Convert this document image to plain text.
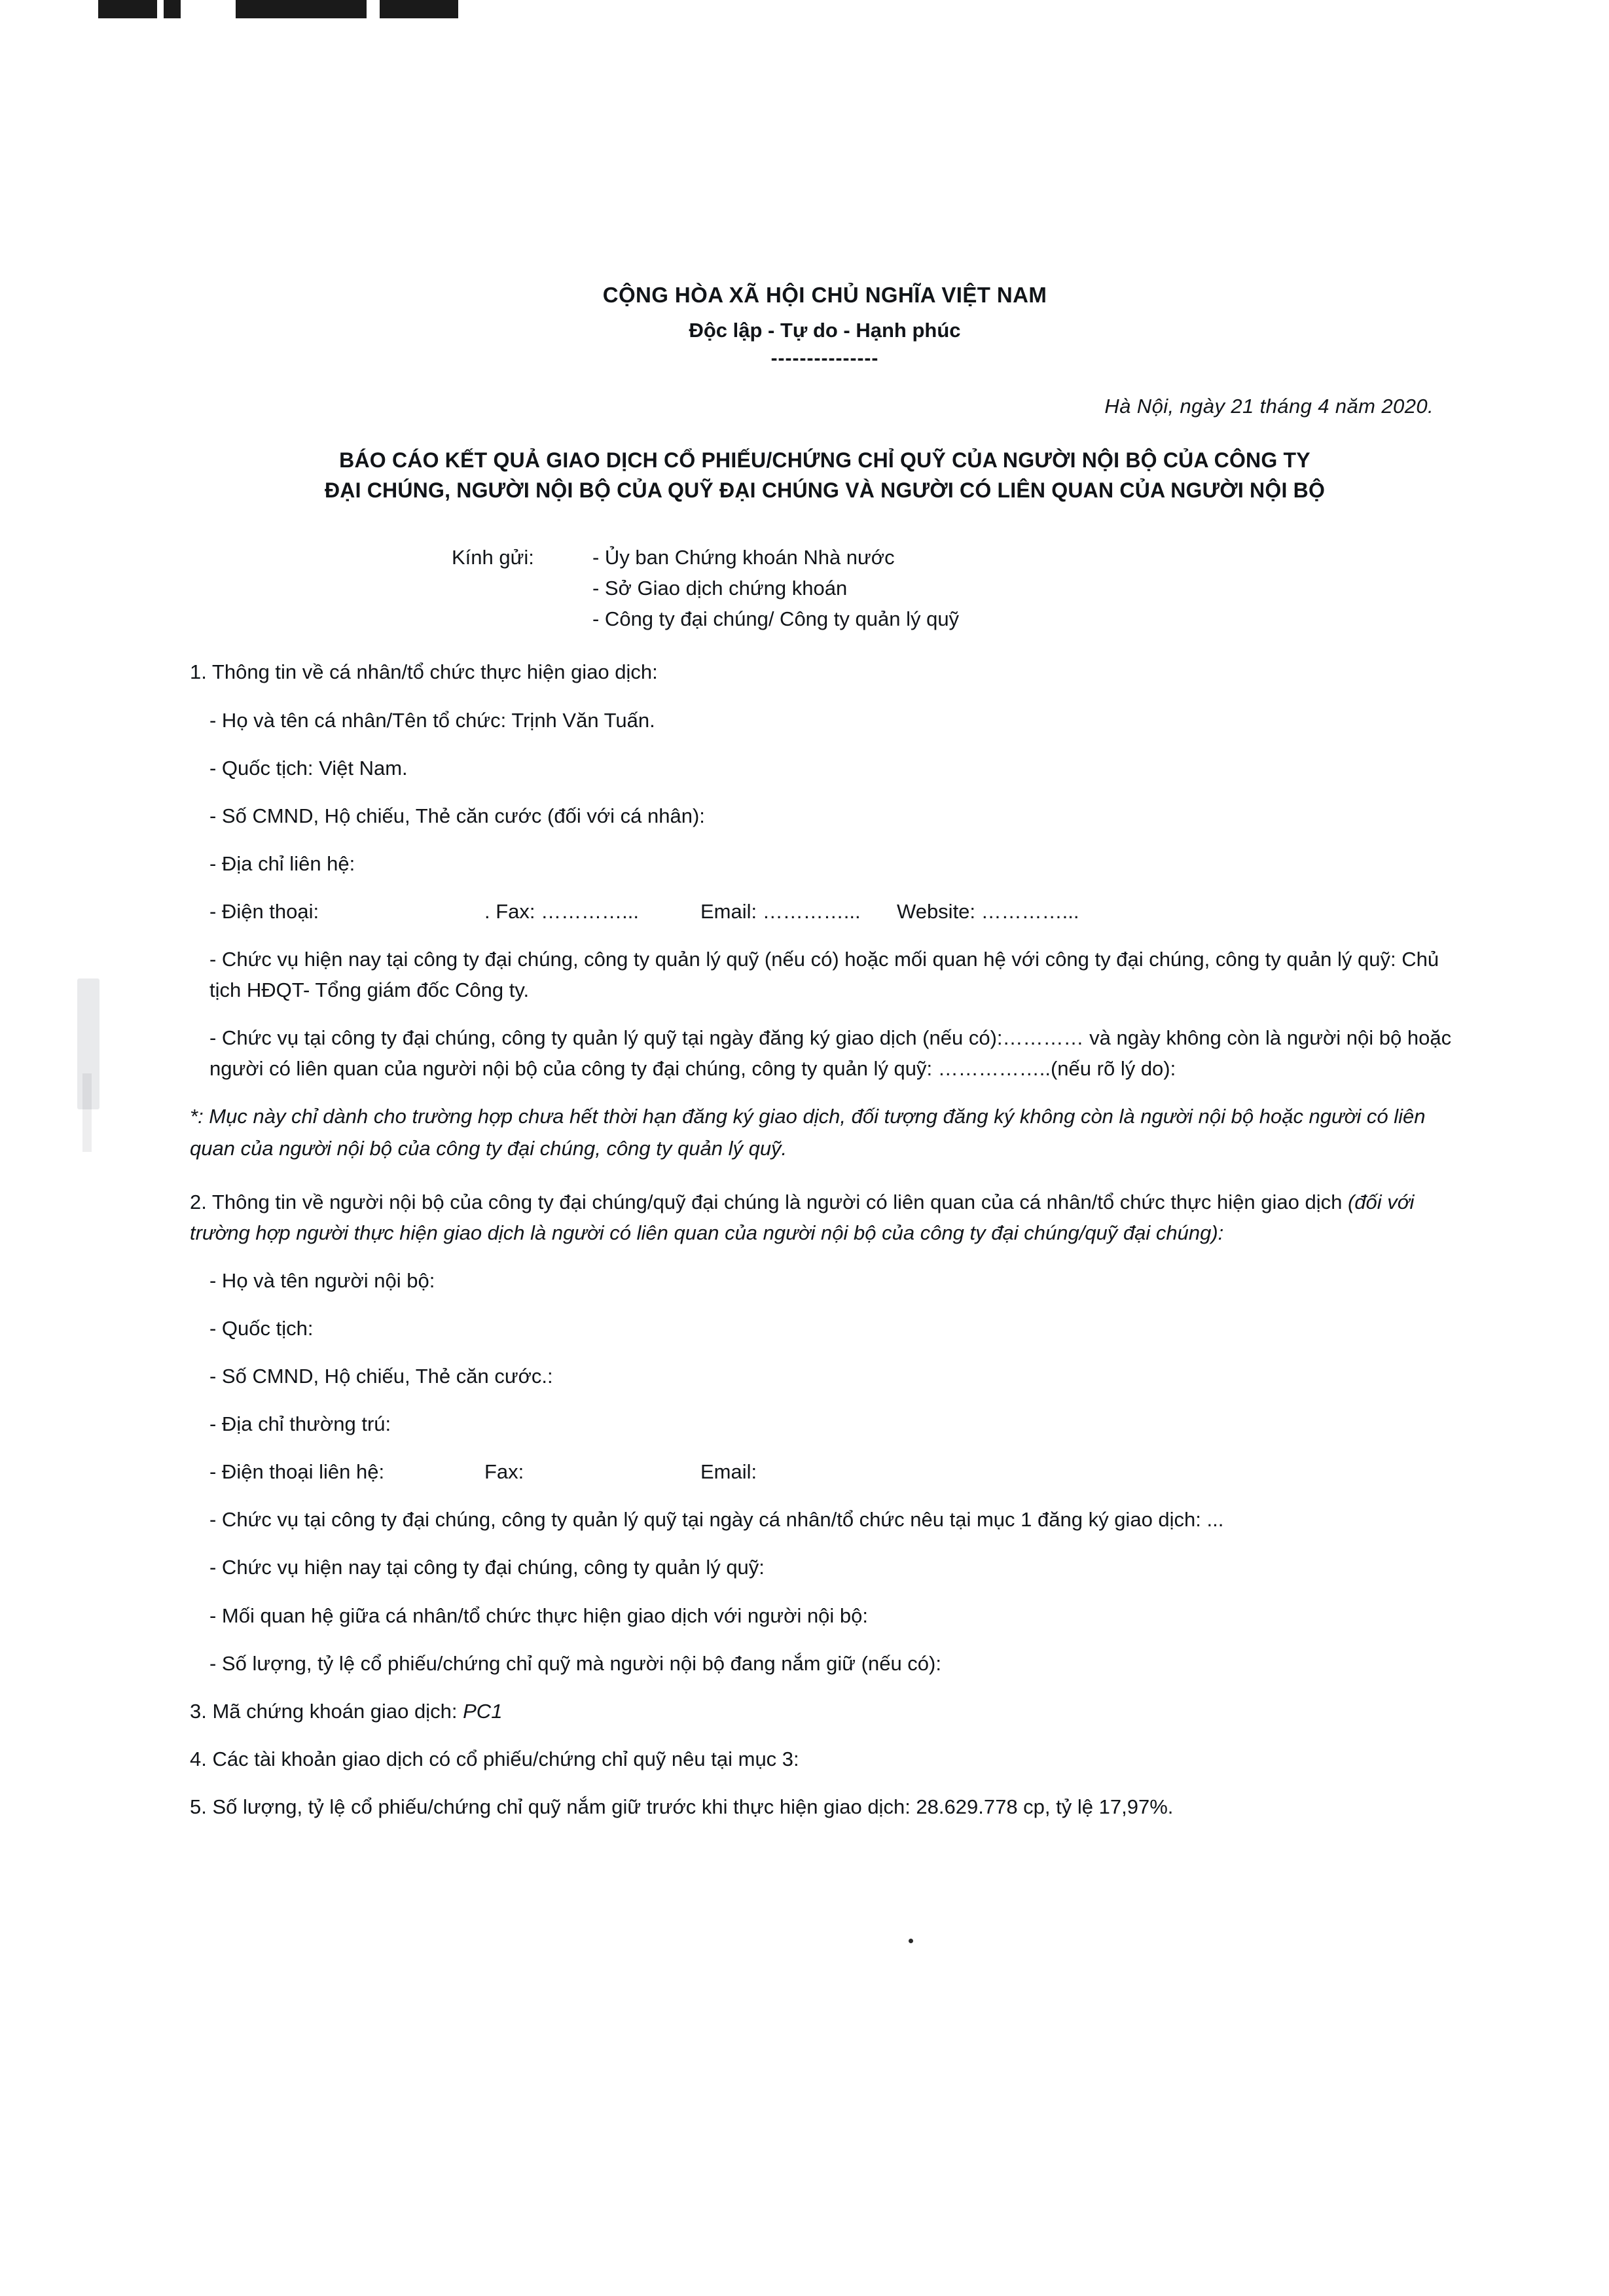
CỘNG HÒA XÃ HỘI CHỦ NGHĨA VIỆT NAM
Độc lập - Tự do - Hạnh phúc
---------------
Hà Nội, ngày 21 tháng 4 năm 2020.
BÁO CÁO KẾT QUẢ GIAO DỊCH CỔ PHIẾU/CHỨNG CHỈ QUỸ CỦA NGƯỜI NỘI BỘ CỦA CÔNG TY
ĐẠI CHÚNG, NGƯỜI NỘI BỘ CỦA QUỸ ĐẠI CHÚNG VÀ NGƯỜI CÓ LIÊN QUAN CỦA NGƯỜI NỘI BỘ
Kính gửi:	- Ủy ban Chứng khoán Nhà nước
- Sở Giao dịch chứng khoán
- Công ty đại chúng/ Công ty quản lý quỹ

1. Thông tin về cá nhân/tổ chức thực hiện giao dịch:

- Họ và tên cá nhân/Tên tổ chức: Trịnh Văn Tuấn.

- Quốc tịch: Việt Nam.

- Số CMND, Hộ chiếu, Thẻ căn cước (đối với cá nhân):

- Địa chỉ liên hệ:

- Điện thoại:	. Fax: …………...	Email: …………...	Website: …………...

- Chức vụ hiện nay tại công ty đại chúng, công ty quản lý quỹ (nếu có) hoặc mối quan hệ với công ty đại chúng, công ty quản lý quỹ: Chủ tịch HĐQT- Tổng giám đốc Công ty.

- Chức vụ tại công ty đại chúng, công ty quản lý quỹ tại ngày đăng ký giao dịch (nếu có):………… và ngày không còn là người nội bộ hoặc người có liên quan của người nội bộ của công ty đại chúng, công ty quản lý quỹ: ……………..(nếu rõ lý do):

*: Mục này chỉ dành cho trường hợp chưa hết thời hạn đăng ký giao dịch, đối tượng đăng ký không còn là người nội bộ hoặc người có liên quan của người nội bộ của công ty đại chúng, công ty quản lý quỹ.

2. Thông tin về người nội bộ của công ty đại chúng/quỹ đại chúng là người có liên quan của cá nhân/tổ chức thực hiện giao dịch (đối với trường hợp người thực hiện giao dịch là người có liên quan của người nội bộ của công ty đại chúng/quỹ đại chúng):

- Họ và tên người nội bộ:

- Quốc tịch:

- Số CMND, Hộ chiếu, Thẻ căn cước.:

- Địa chỉ thường trú:

- Điện thoại liên hệ:	Fax:	Email:

- Chức vụ tại công ty đại chúng, công ty quản lý quỹ tại ngày cá nhân/tổ chức nêu tại mục 1 đăng ký giao dịch: ...

- Chức vụ hiện nay tại công ty đại chúng, công ty quản lý quỹ:

- Mối quan hệ giữa cá nhân/tổ chức thực hiện giao dịch với người nội bộ:

- Số lượng, tỷ lệ cổ phiếu/chứng chỉ quỹ mà người nội bộ đang nắm giữ (nếu có):

3. Mã chứng khoán giao dịch: PC1

4. Các tài khoản giao dịch có cổ phiếu/chứng chỉ quỹ nêu tại mục 3:

5. Số lượng, tỷ lệ cổ phiếu/chứng chỉ quỹ nắm giữ trước khi thực hiện giao dịch: 28.629.778 cp, tỷ lệ 17,97%.
